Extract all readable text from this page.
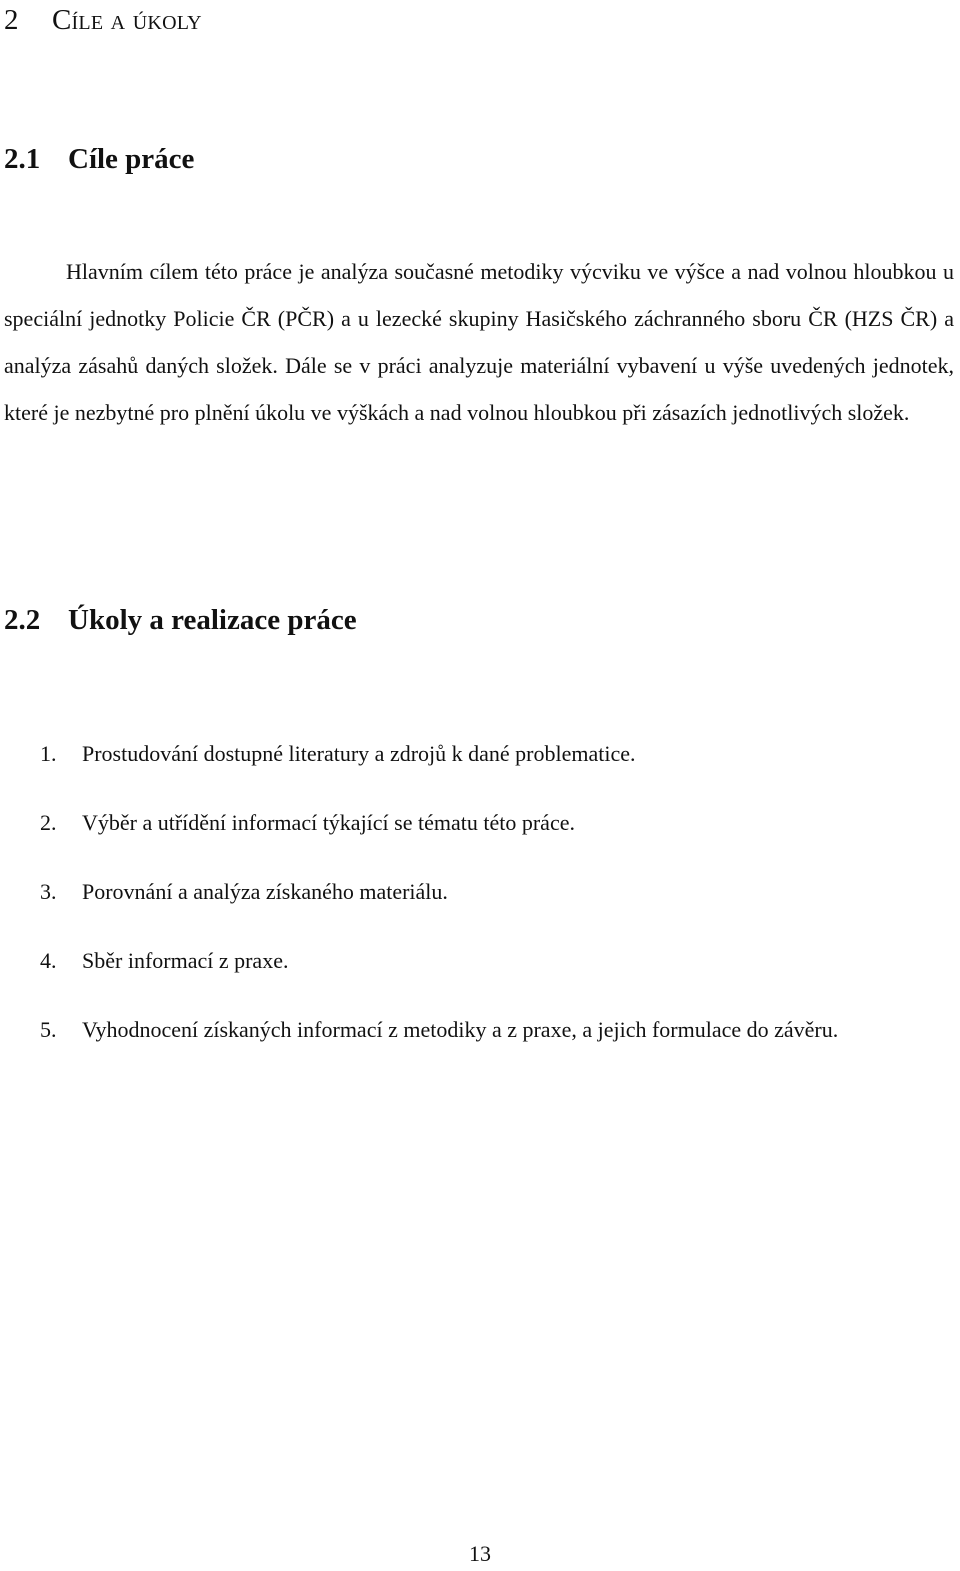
2 Cíle a úkoly
2.1 Cíle práce

Hlavním cílem této práce je analýza současné metodiky výcviku ve výšce a nad volnou hloubkou u speciální jednotky Policie ČR (PČR) a u lezecké skupiny Hasičského záchranného sboru ČR (HZS ČR) a analýza zásahů daných složek. Dále se v práci analyzuje materiální vybavení u výše uvedených jednotek, které je nezbytné pro plnění úkolu ve výškách a nad volnou hloubkou při zásazích jednotlivých složek.

2.2 Úkoly a realizace práce
1. Prostudování dostupné literatury a zdrojů k dané problematice.
2. Výběr a utřídění informací týkající se tématu této práce.
3. Porovnání a analýza získaného materiálu.
4. Sběr informací z praxe.
5. Vyhodnocení získaných informací z metodiky a z praxe, a jejich formulace do závěru.
13
